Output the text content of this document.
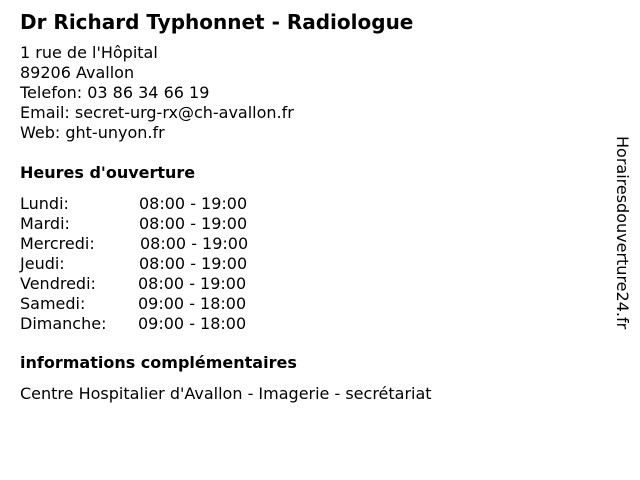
Dr Richard Typhonnet - Radiologue
1 rue de l'Hôpital
89206 Avallon
Telefon: 03 86 34 66 19
Email: secret-urg-rx@ch-avallon.fr
Web: ght-unyon.fr
Heures d'ouverture
Lundi:	08:00 - 19:00
Mardi:	08:00 - 19:00
Mercredi:	08:00 - 19:00
Jeudi:	08:00 - 19:00
Vendredi:	08:00 - 19:00
Samedi:	09:00 - 18:00
Dimanche: 09:00 - 18:00
informations complémentaires
Centre Hospitalier d'Avallon - Imagerie - secrétariat
Horairesdouverture24.fr
